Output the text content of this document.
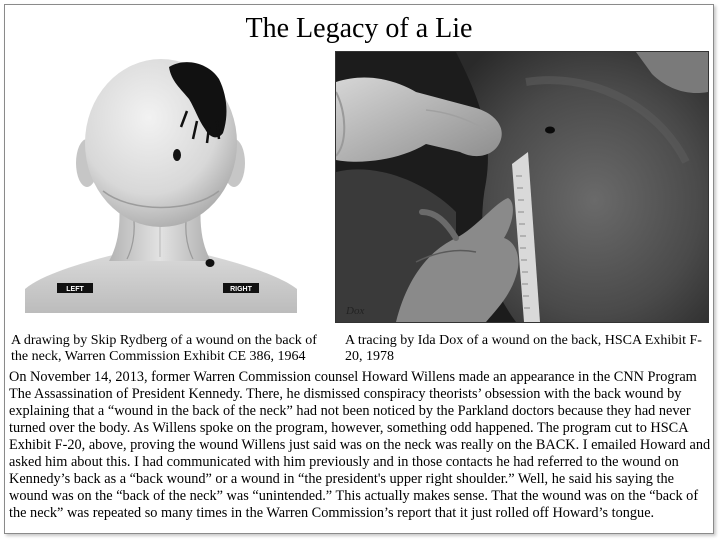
The Legacy of a Lie
LEFT	RIGHT
Dox
A drawing by Skip Rydberg of a wound on the back of the neck, Warren Commission Exhibit CE 386, 1964
A tracing by Ida Dox of a wound on the back, HSCA Exhibit F-20, 1978
On November 14, 2013, former Warren Commission counsel Howard Willens made an appearance in the CNN Program The Assassination of President Kennedy. There, he dismissed conspiracy theorists’ obsession with the back wound by explaining that a “wound in the back of the neck” had not been noticed by the Parkland doctors because they had never turned over the body. As Willens spoke on the program, however, something odd happened. The program cut to HSCA Exhibit F-20, above, proving the wound Willens just said was on the neck was really on the BACK. I emailed Howard and asked him about this. I had communicated with him previously and in those contacts he had referred to the wound on Kennedy’s back as a “back wound” or a wound in “the president's upper right shoulder.” Well, he said his saying the wound was on the “back of the neck” was “unintended.” This actually makes sense. That the wound was on the “back of the neck” was repeated so many times in the Warren Commission’s report that it just rolled off Howard’s tongue.
